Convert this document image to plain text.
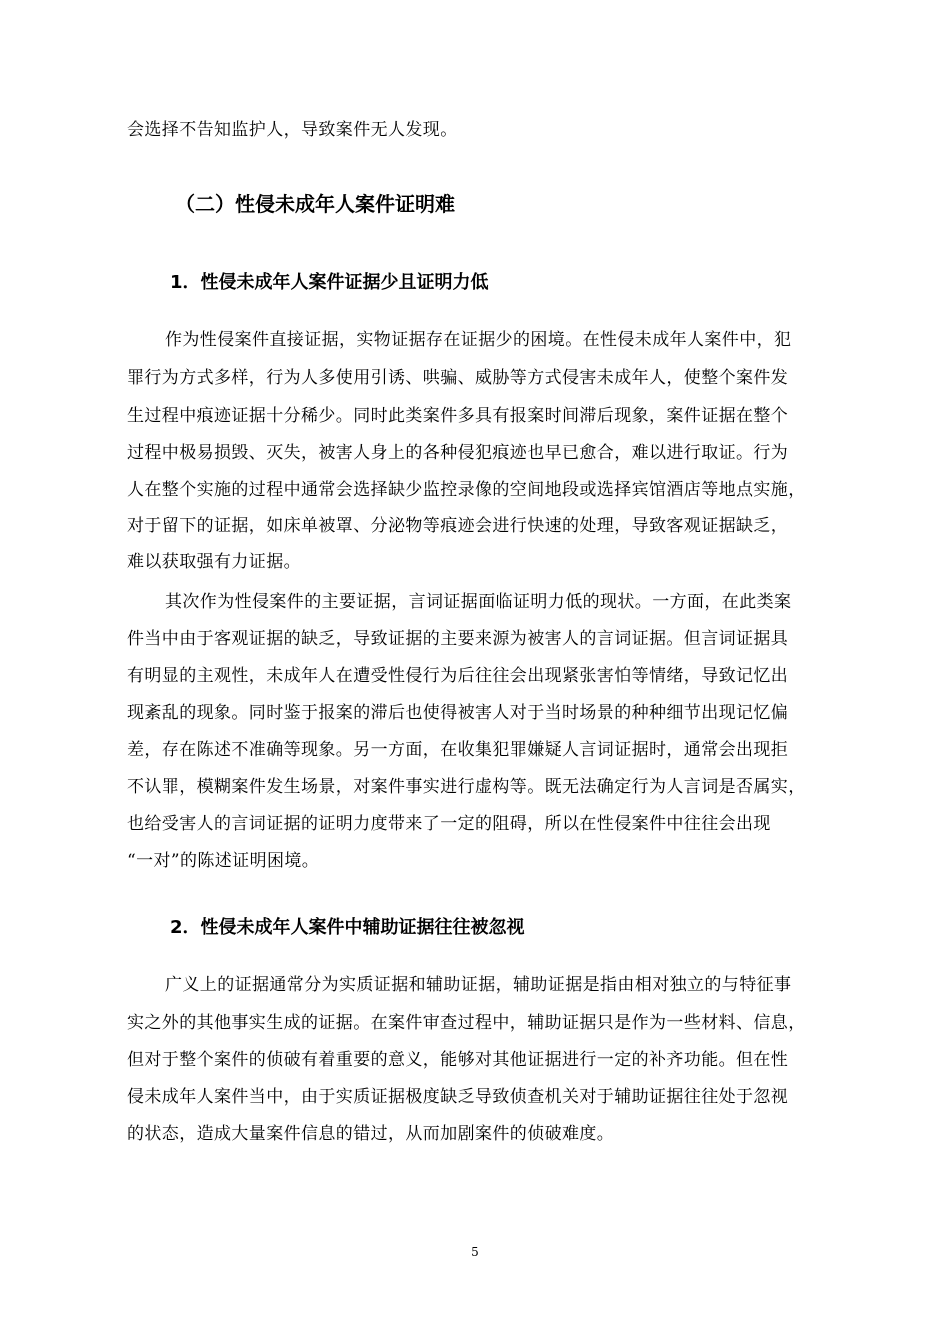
会选择不告知监护人，导致案件无人发现。
（二）性侵未成年人案件证明难
1．性侵未成年人案件证据少且证明力低
作为性侵案件直接证据，实物证据存在证据少的困境。在性侵未成年人案件中，犯
罪行为方式多样，行为人多使用引诱、哄骗、威胁等方式侵害未成年人，使整个案件发
生过程中痕迹证据十分稀少。同时此类案件多具有报案时间滞后现象，案件证据在整个
过程中极易损毁、灭失，被害人身上的各种侵犯痕迹也早已愈合，难以进行取证。行为
人在整个实施的过程中通常会选择缺少监控录像的空间地段或选择宾馆酒店等地点实施，
对于留下的证据，如床单被罩、分泌物等痕迹会进行快速的处理，导致客观证据缺乏，
难以获取强有力证据。
其次作为性侵案件的主要证据，言词证据面临证明力低的现状。一方面，在此类案
件当中由于客观证据的缺乏，导致证据的主要来源为被害人的言词证据。但言词证据具
有明显的主观性，未成年人在遭受性侵行为后往往会出现紧张害怕等情绪，导致记忆出
现紊乱的现象。同时鉴于报案的滞后也使得被害人对于当时场景的种种细节出现记忆偏
差，存在陈述不准确等现象。另一方面，在收集犯罪嫌疑人言词证据时，通常会出现拒
不认罪，模糊案件发生场景，对案件事实进行虚构等。既无法确定行为人言词是否属实，
也给受害人的言词证据的证明力度带来了一定的阻碍，所以在性侵案件中往往会出现
“一对”的陈述证明困境。
2．性侵未成年人案件中辅助证据往往被忽视
广义上的证据通常分为实质证据和辅助证据，辅助证据是指由相对独立的与特征事
实之外的其他事实生成的证据。在案件审查过程中，辅助证据只是作为一些材料、信息，
但对于整个案件的侦破有着重要的意义，能够对其他证据进行一定的补齐功能。但在性
侵未成年人案件当中，由于实质证据极度缺乏导致侦查机关对于辅助证据往往处于忽视
的状态，造成大量案件信息的错过，从而加剧案件的侦破难度。
5
